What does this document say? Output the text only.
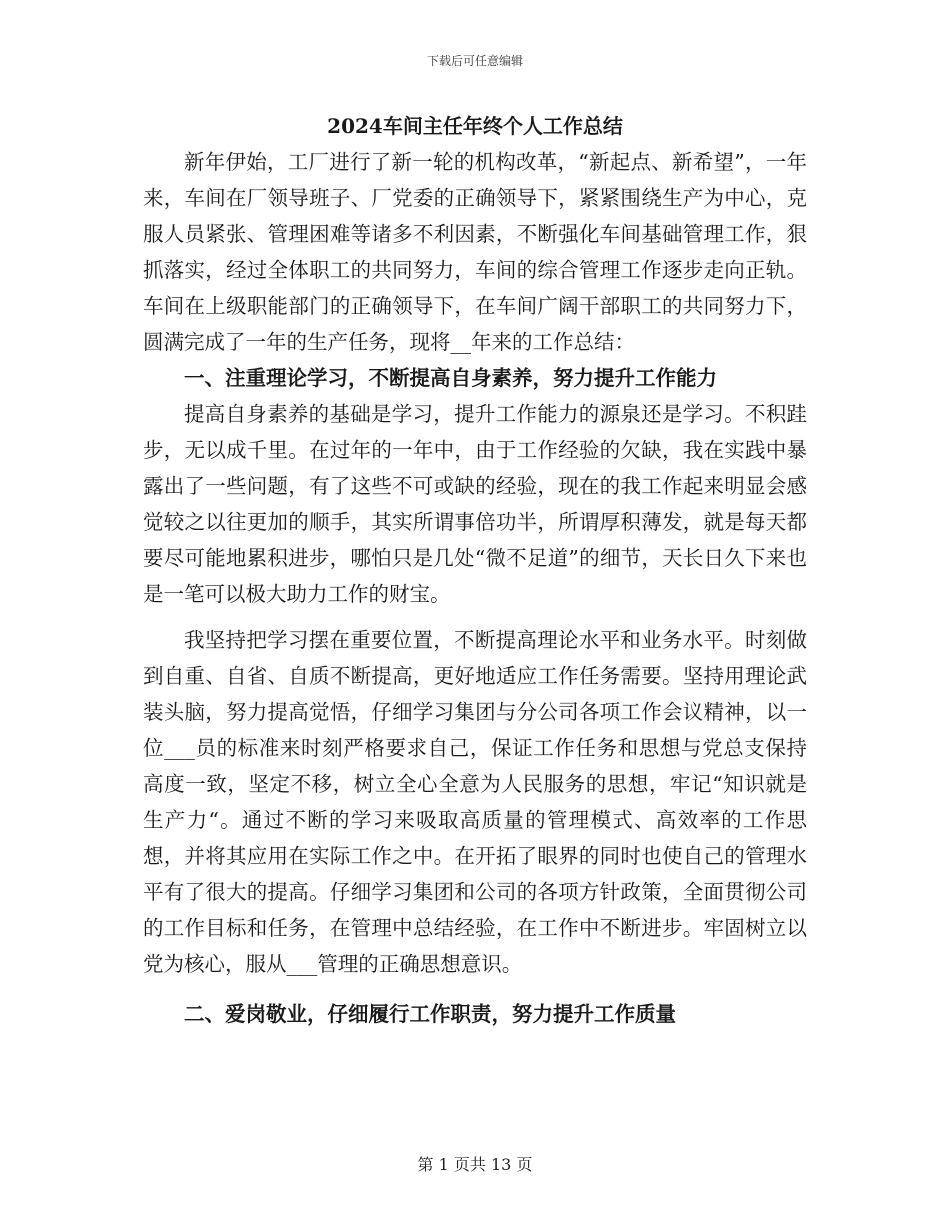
下载后可任意编辑
2024车间主任年终个人工作总结

新年伊始，工厂进行了新一轮的机构改革，“新起点、新希望”，一年来，车间在厂领导班子、厂党委的正确领导下，紧紧围绕生产为中心，克服人员紧张、管理困难等诸多不利因素，不断强化车间基础管理工作，狠抓落实，经过全体职工的共同努力，车间的综合管理工作逐步走向正轨。车间在上级职能部门的正确领导下，在车间广阔干部职工的共同努力下，圆满完成了一年的生产任务，现将__年来的工作总结：

一、注重理论学习，不断提高自身素养，努力提升工作能力

提高自身素养的基础是学习，提升工作能力的源泉还是学习。不积跬步，无以成千里。在过年的一年中，由于工作经验的欠缺，我在实践中暴露出了一些问题，有了这些不可或缺的经验，现在的我工作起来明显会感觉较之以往更加的顺手，其实所谓事倍功半，所谓厚积薄发，就是每天都要尽可能地累积进步，哪怕只是几处“微不足道”的细节，天长日久下来也是一笔可以极大助力工作的财宝。

我坚持把学习摆在重要位置，不断提高理论水平和业务水平。时刻做到自重、自省、自质不断提高，更好地适应工作任务需要。坚持用理论武装头脑，努力提高觉悟，仔细学习集团与分公司各项工作会议精神，以一位___员的标准来时刻严格要求自己，保证工作任务和思想与党总支保持高度一致，坚定不移，树立全心全意为人民服务的思想，牢记“知识就是生产力“。通过不断的学习来吸取高质量的管理模式、高效率的工作思想，并将其应用在实际工作之中。在开拓了眼界的同时也使自己的管理水平有了很大的提高。仔细学习集团和公司的各项方针政策，全面贯彻公司的工作目标和任务，在管理中总结经验，在工作中不断进步。牢固树立以党为核心，服从___管理的正确思想意识。

二、爱岗敬业，仔细履行工作职责，努力提升工作质量

第 1 页共 13 页
